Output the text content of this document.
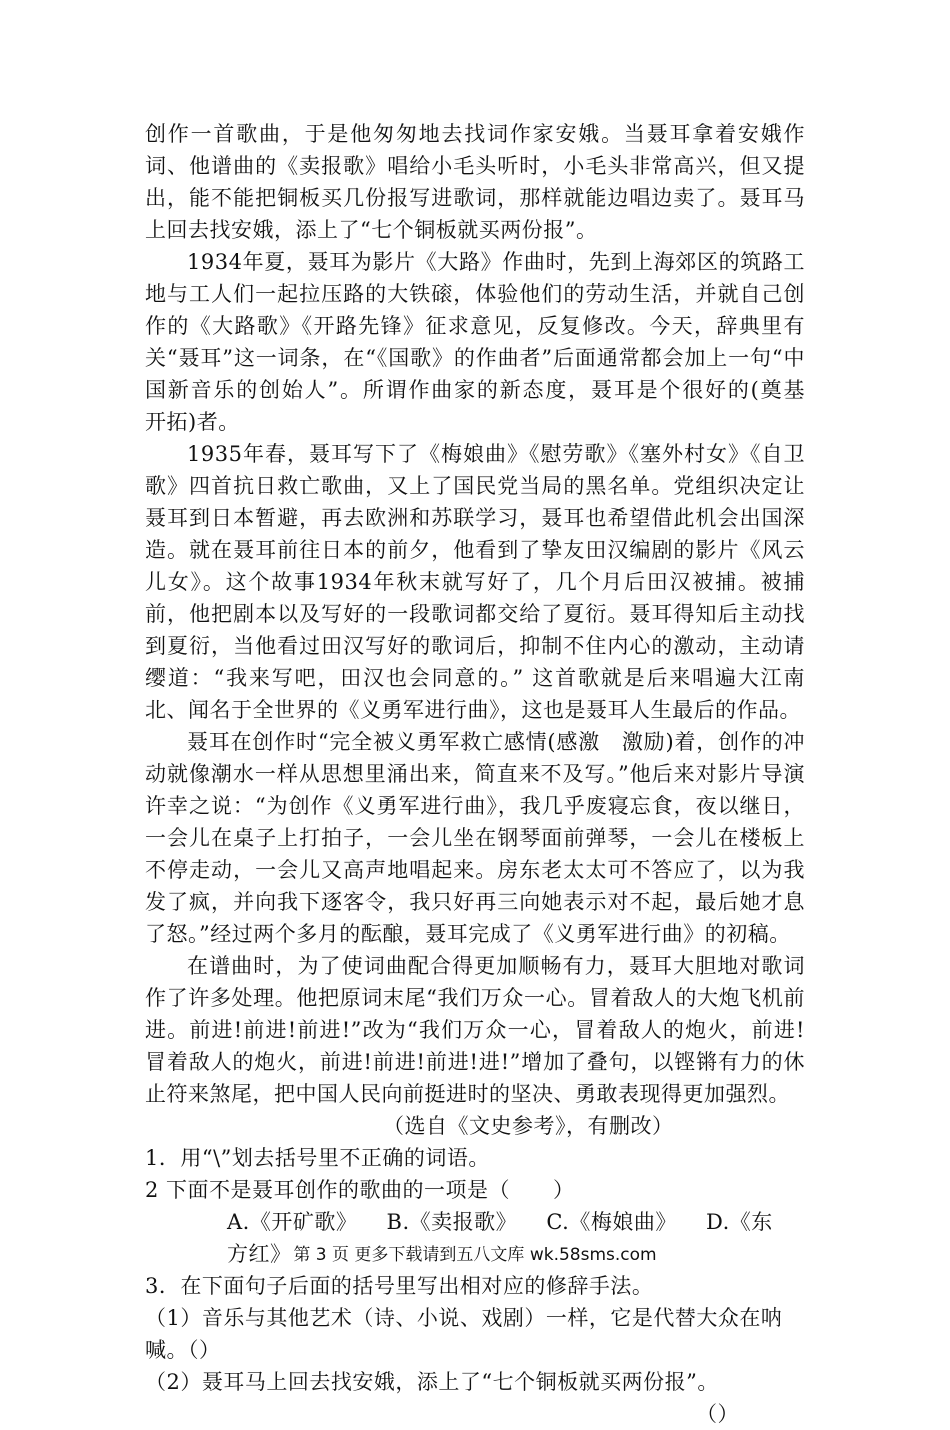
创作一首歌曲，于是他匆匆地去找词作家安娥。当聂耳拿着安娥作词、他谱曲的《卖报歌》唱给小毛头听时，小毛头非常高兴，但又提出，能不能把铜板买几份报写进歌词，那样就能边唱边卖了。聂耳马上回去找安娥，添上了“七个铜板就买两份报”。

1934年夏，聂耳为影片《大路》作曲时，先到上海郊区的筑路工地与工人们一起拉压路的大铁磙，体验他们的劳动生活，并就自己创作的《大路歌》《开路先锋》征求意见，反复修改。今天，辞典里有关“聂耳”这一词条，在“《国歌》的作曲者”后面通常都会加上一句“中国新音乐的创始人”。所谓作曲家的新态度，聂耳是个很好的(奠基　开拓)者。

1935年春，聂耳写下了《梅娘曲》《慰劳歌》《塞外村女》《自卫歌》四首抗日救亡歌曲，又上了国民党当局的黑名单。党组织决定让聂耳到日本暂避，再去欧洲和苏联学习，聂耳也希望借此机会出国深造。就在聂耳前往日本的前夕，他看到了挚友田汉编剧的影片《风云儿女》。这个故事1934年秋末就写好了，几个月后田汉被捕。被捕前，他把剧本以及写好的一段歌词都交给了夏衍。聂耳得知后主动找到夏衍，当他看过田汉写好的歌词后，抑制不住内心的激动，主动请缨道：“我来写吧，田汉也会同意的。” 这首歌就是后来唱遍大江南北、闻名于全世界的《义勇军进行曲》，这也是聂耳人生最后的作品。

聂耳在创作时“完全被义勇军救亡感情(感激　激励)着，创作的冲动就像潮水一样从思想里涌出来，简直来不及写。”他后来对影片导演许幸之说：“为创作《义勇军进行曲》，我几乎废寝忘食，夜以继日，一会儿在桌子上打拍子，一会儿坐在钢琴面前弹琴，一会儿在楼板上不停走动，一会儿又高声地唱起来。房东老太太可不答应了，以为我发了疯，并向我下逐客令，我只好再三向她表示对不起，最后她才息了怒。”经过两个多月的酝酿，聂耳完成了《义勇军进行曲》的初稿。

在谱曲时，为了使词曲配合得更加顺畅有力，聂耳大胆地对歌词作了许多处理。他把原词末尾“我们万众一心。冒着敌人的大炮飞机前进。前进!前进!前进!”改为“我们万众一心，冒着敌人的炮火，前进!冒着敌人的炮火，前进!前进!前进!进!”增加了叠句，以铿锵有力的休止符来煞尾，把中国人民向前挺进时的坚决、勇敢表现得更加强烈。

（选自《文史参考》，有删改）

1．用“\”划去括号里不正确的词语。

2 下面不是聂耳创作的歌曲的一项是（　　）

A.《开矿歌》 B.《卖报歌》 C.《梅娘曲》 D.《东方红》

3．在下面句子后面的括号里写出相对应的修辞手法。

（1）音乐与其他艺术（诗、小说、戏剧）一样，它是代替大众在呐喊。（）

（2）聂耳马上回去找安娥，添上了“七个铜板就买两份报”。

（）

第 3 页 更多下载请到五八文库 wk.58sms.com
